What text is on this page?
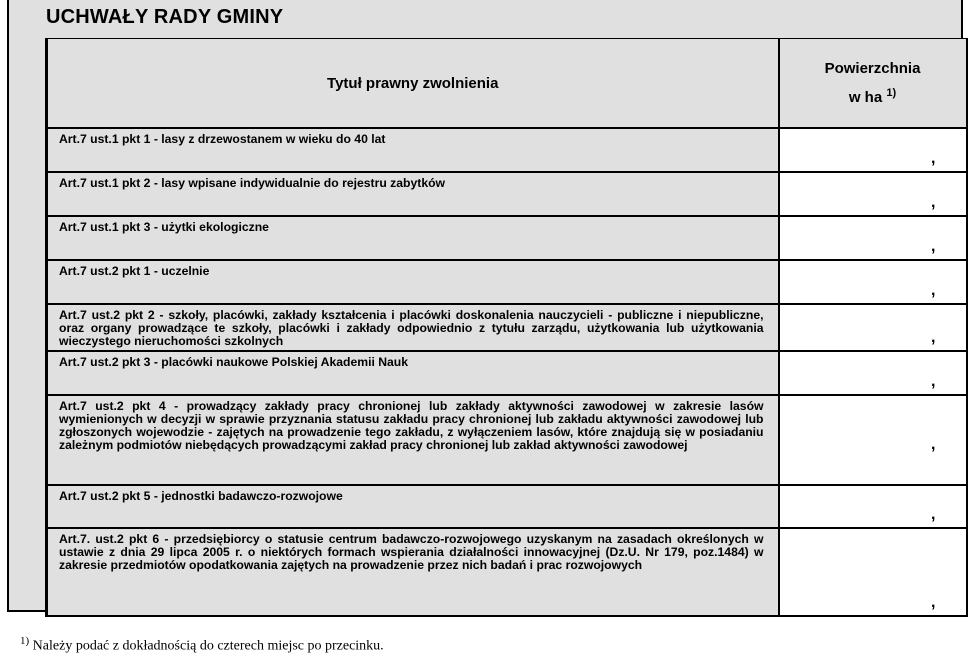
UCHWAŁY RADY GMINY
Tytuł prawny zwolnienia	Powierzchnia
w ha $^{1)}$
Art.7 ust.1 pkt 1 - lasy z drzewostanem w wieku do 40 lat	,

Art.7 ust.1 pkt 2 - lasy wpisane indywidualnie do rejestru zabytków	,

Art.7 ust.1 pkt 3 - użytki ekologiczne	,

Art.7 ust.2 pkt 1 - uczelnie	,

Art.7 ust.2 pkt 2 - szkoły, placówki, zakłady kształcenia i placówki doskonalenia nauczycieli - publiczne i niepubliczne, oraz organy prowadzące te szkoły, placówki i zakłady odpowiednio z tytułu zarządu, użytkowania lub użytkowania wieczystego nieruchomości szkolnych	,

Art.7 ust.2 pkt 3 - placówki naukowe Polskiej Akademii Nauk	,

Art.7 ust.2 pkt 4 - prowadzący zakłady pracy chronionej lub zakłady aktywności zawodowej w zakresie lasów wymienionych w decyzji w sprawie przyznania statusu zakładu pracy chronionej lub zakładu aktywności zawodowej lub zgłoszonych wojewodzie - zajętych na prowadzenie tego zakładu, z wyłączeniem lasów, które znajdują się w posiadaniu zależnym podmiotów niebędących prowadzącymi zakład pracy chronionej lub zakład aktywności zawodowej	,

Art.7 ust.2 pkt 5 - jednostki badawczo-rozwojowe	,

Art.7. ust.2 pkt 6 - przedsiębiorcy o statusie centrum badawczo-rozwojowego uzyskanym na zasadach określonych w ustawie z dnia 29 lipca 2005 r. o niektórych formach wspierania działalności innowacyjnej (Dz.U. Nr 179, poz.1484) w zakresie przedmiotów opodatkowania zajętych na prowadzenie przez nich badań i prac rozwojowych	,
$^{1)}$ Należy podać z dokładnością do czterech miejsc po przecinku.
